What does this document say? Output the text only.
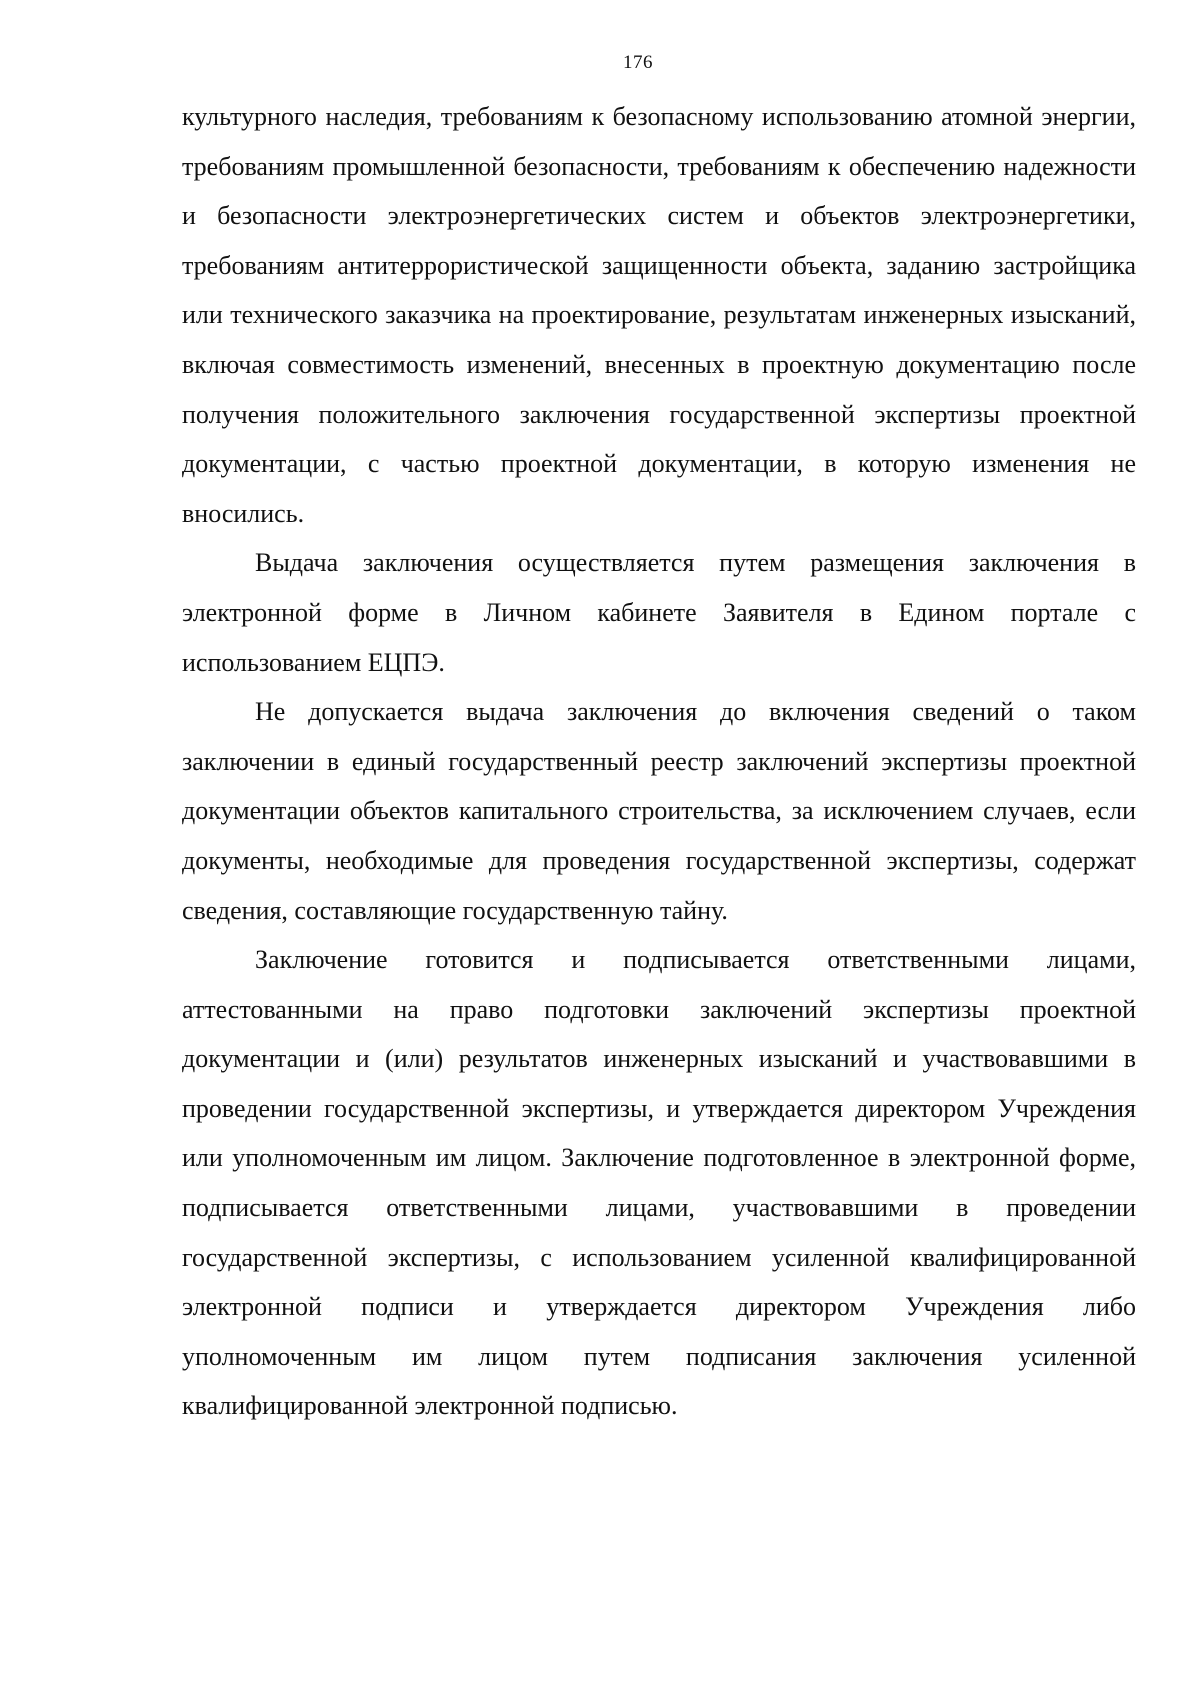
176

культурного наследия, требованиям к безопасному использованию атомной энергии, требованиям промышленной безопасности, требованиям к обеспечению надежности и безопасности электроэнергетических систем и объектов электроэнергетики, требованиям антитеррористической защищенности объекта, заданию застройщика или технического заказчика на проектирование, результатам инженерных изысканий, включая совместимость изменений, внесенных в проектную документацию после получения положительного заключения государственной экспертизы проектной документации, с частью проектной документации, в которую изменения не вносились.

Выдача заключения осуществляется путем размещения заключения в электронной форме в Личном кабинете Заявителя в Едином портале с использованием ЕЦПЭ.

Не допускается выдача заключения до включения сведений о таком заключении в единый государственный реестр заключений экспертизы проектной документации объектов капитального строительства, за исключением случаев, если документы, необходимые для проведения государственной экспертизы, содержат сведения, составляющие государственную тайну.

Заключение готовится и подписывается ответственными лицами, аттестованными на право подготовки заключений экспертизы проектной документации и (или) результатов инженерных изысканий и участвовавшими в проведении государственной экспертизы, и утверждается директором Учреждения или уполномоченным им лицом. Заключение подготовленное в электронной форме, подписывается ответственными лицами, участвовавшими в проведении государственной экспертизы, с использованием усиленной квалифицированной электронной подписи и утверждается директором Учреждения либо уполномоченным им лицом путем подписания заключения усиленной квалифицированной электронной подписью.
